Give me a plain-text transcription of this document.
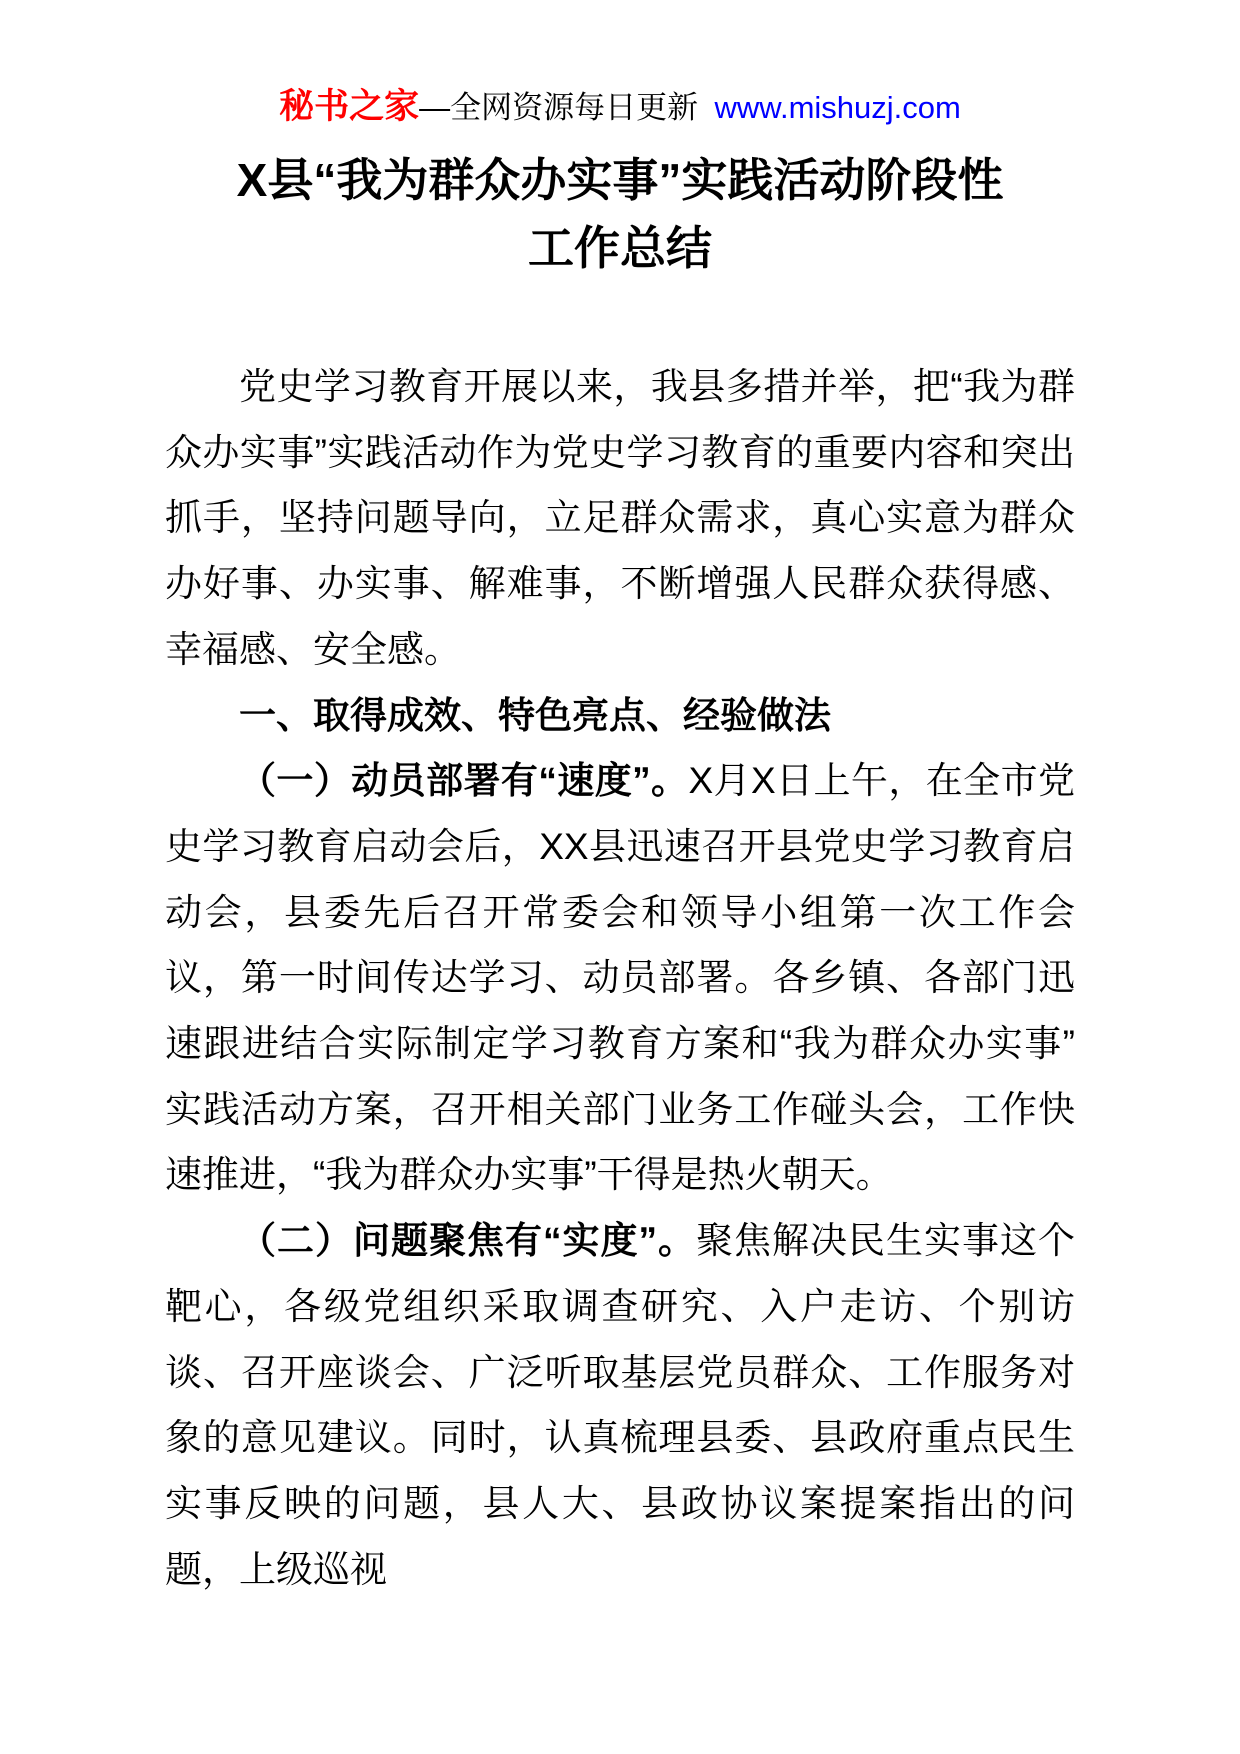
秘书之家—全网资源每日更新 www.mishuzj.com
X县“我为群众办实事”实践活动阶段性
工作总结

党史学习教育开展以来，我县多措并举，把“我为群众办实事”实践活动作为党史学习教育的重要内容和突出抓手，坚持问题导向，立足群众需求，真心实意为群众办好事、办实事、解难事，不断增强人民群众获得感、幸福感、安全感。

一、取得成效、特色亮点、经验做法

（一）动员部署有“速度”。X月X日上午，在全市党史学习教育启动会后，XX县迅速召开县党史学习教育启动会，县委先后召开常委会和领导小组第一次工作会议，第一时间传达学习、动员部署。各乡镇、各部门迅速跟进结合实际制定学习教育方案和“我为群众办实事”实践活动方案，召开相关部门业务工作碰头会，工作快速推进，“我为群众办实事”干得是热火朝天。

（二）问题聚焦有“实度”。聚焦解决民生实事这个靶心，各级党组织采取调查研究、入户走访、个别访谈、召开座谈会、广泛听取基层党员群众、工作服务对象的意见建议。同时，认真梳理县委、县政府重点民生实事反映的问题，县人大、县政协议案提案指出的问题，上级巡视
